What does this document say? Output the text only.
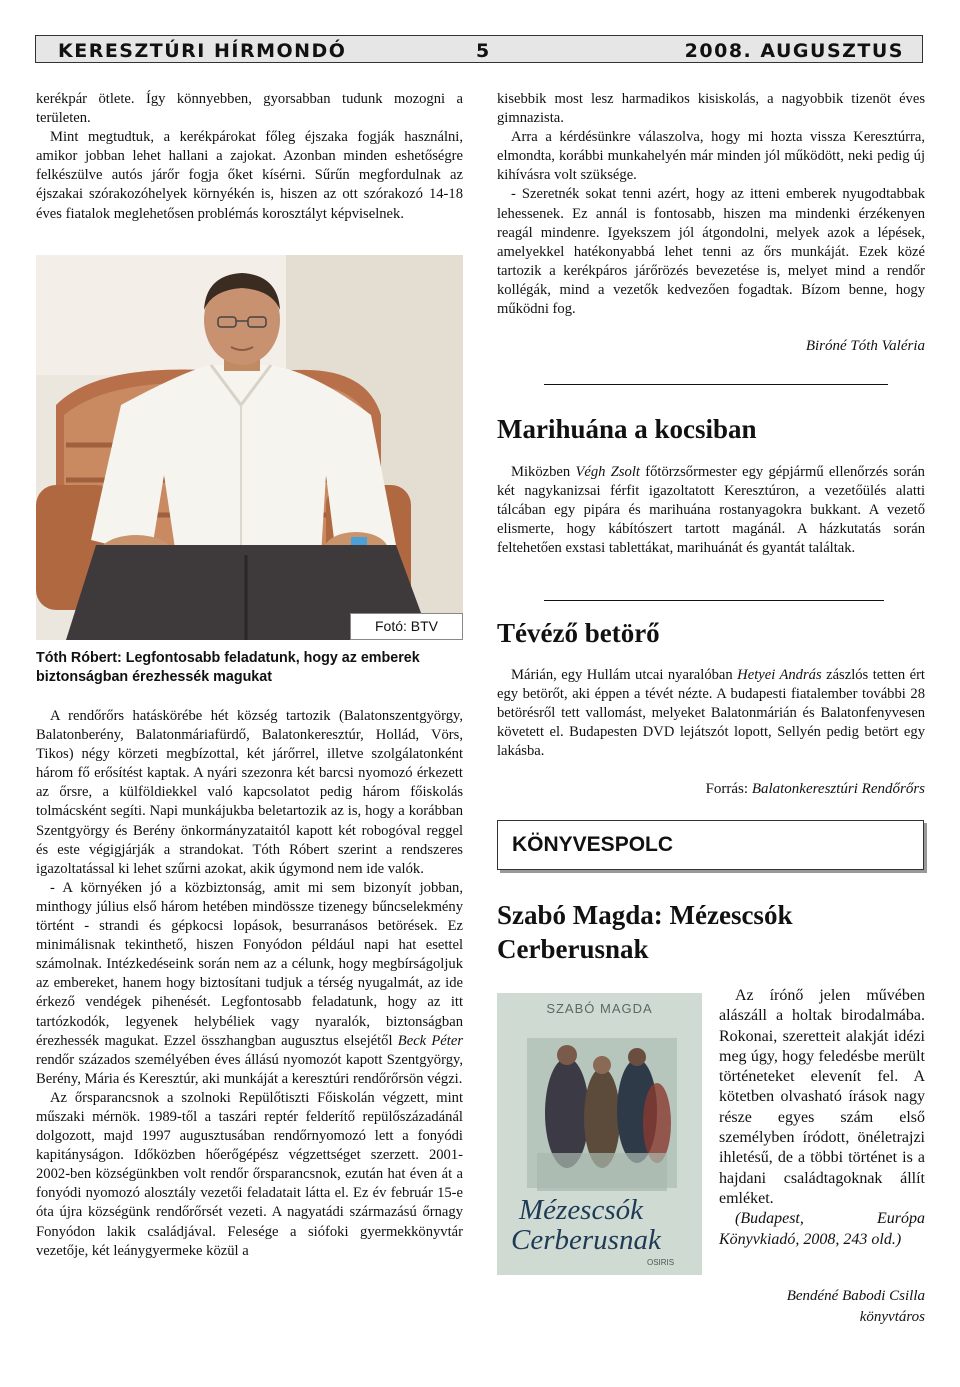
KERESZTÚRI HÍRMONDÓ	5	2008. AUGUSZTUS

kerékpár ötlete. Így könnyebben, gyorsabban tudunk mozogni a területen.

Mint megtudtuk, a kerékpárokat főleg éjszaka fogják használni, amikor jobban lehet hallani a zajokat. Azonban minden eshetőségre felkészülve autós járőr fogja őket kísérni. Sűrűn megfordulnak az éjszakai szórakozóhelyek környékén is, hiszen az ott szórakozó 14-18 éves fiatalok meglehetősen problémás korosztályt képviselnek.

Fotó: BTV
Tóth Róbert: Legfontosabb feladatunk, hogy az emberek biztonságban érezhessék magukat

A rendőrőrs hatáskörébe hét község tartozik (Balatonszentgyörgy, Balatonberény, Balatonmáriafürdő, Balatonkeresztúr, Hollád, Vörs, Tikos) négy körzeti megbízottal, két járőrrel, illetve szolgálatonként három fő erősítést kaptak. A nyári szezonra két barcsi nyomozó érkezett az őrsre, a külföldiekkel való kapcsolatot pedig három főiskolás tolmácsként segíti. Napi munkájukba beletartozik az is, hogy a korábban Szentgyörgy és Berény önkormányzataitól kapott két robogóval reggel és este végigjárják a strandokat. Tóth Róbert szerint a rendszeres igazoltatással ki lehet szűrni azokat, akik úgymond nem ide valók.

- A környéken jó a közbiztonság, amit mi sem bizonyít jobban, minthogy július első három hetében mindössze tizenegy bűncselekmény történt - strandi és gépkocsi lopások, besurranásos betörések. Ez minimálisnak tekinthető, hiszen Fonyódon például napi hat esettel számolnak. Intézkedéseink során nem az a célunk, hogy megbírságoljuk az embereket, hanem hogy biztosítani tudjuk a térség nyugalmát, az ide érkező vendégek pihenését. Legfontosabb feladatunk, hogy az itt tartózkodók, legyenek helybéliek vagy nyaralók, biztonságban érezhessék magukat. Ezzel összhangban augusztus elsejétől Beck Péter rendőr százados személyében éves állású nyomozót kapott Szentgyörgy, Berény, Mária és Keresztúr, aki munkáját a keresztúri rendőrőrsön végzi.

Az őrsparancsnok a szolnoki Repülőtiszti Főiskolán végzett, mint műszaki mérnök. 1989-től a taszári reptér felderítő repülőszázadánál dolgozott, majd 1997 augusztusában rendőrnyomozó lett a fonyódi kapitányságon. Időközben hőerőgépész végzettséget szerzett. 2001-2002-ben községünkben volt rendőr őrsparancsnok, ezután hat éven át a fonyódi nyomozó alosztály vezetői feladatait látta el. Ez év február 15-e óta újra községünk rendőrőrsét vezeti. A nagyatádi származású őrnagy Fonyódon lakik családjával. Felesége a siófoki gyermekkönyvtár vezetője, két leánygyermeke közül a

kisebbik most lesz harmadikos kisiskolás, a nagyobbik tizenöt éves gimnazista.

Arra a kérdésünkre válaszolva, hogy mi hozta vissza Keresztúrra, elmondta, korábbi munkahelyén már minden jól működött, neki pedig új kihívásra volt szüksége.

- Szeretnék sokat tenni azért, hogy az itteni emberek nyugodtabbak lehessenek. Ez annál is fontosabb, hiszen ma mindenki érzékenyen reagál mindenre. Igyekszem jól átgondolni, melyek azok a lépések, amelyekkel hatékonyabbá lehet tenni az őrs munkáját. Ezek közé tartozik a kerékpáros járőrözés bevezetése is, melyet mind a rendőr kollégák, mind a vezetők kedvezően fogadtak. Bízom benne, hogy működni fog.

Biróné Tóth Valéria
Marihuána a kocsiban

Miközben Végh Zsolt főtörzsőrmester egy gépjármű ellenőrzés során két nagykanizsai férfit igazoltatott Keresztúron, a vezetőülés alatti tálcában egy pipára és marihuána rostanyagokra bukkant. A vezető elismerte, hogy kábítószert tartott magánál. A házkutatás során feltehetően exstasi tablettákat, marihuánát és gyantát találtak.

Tévéző betörő

Márián, egy Hullám utcai nyaralóban Hetyei András zászlós tetten ért egy betörőt, aki éppen a tévét nézte. A budapesti fiatalember további 28 betörésről tett vallomást, melyeket Balatonmárián és Balatonfenyvesen követett el. Budapesten DVD lejátszót lopott, Sellyén pedig betört egy lakásba.

Forrás: Balatonkeresztúri Rendőrőrs
KÖNYVESPOLC
Szabó Magda: Mézescsók Cerberusnak
SZABÓ MAGDA
Mézescsók
Cerberusnak
OSIRIS

Az írónő jelen művében alászáll a holtak birodalmába. Rokonai, szeretteit alakját idézi meg úgy, hogy feledésbe merült történeteket elevenít fel. A kötetben olvasható írások nagy része egyes szám első személyben íródott, önéletrajzi ihletésű, de a többi történet is a hajdani családtagoknak állít emléket.

(Budapest, Európa Könyvkiadó, 2008, 243 old.)

Bendéné Babodi Csilla
könyvtáros
